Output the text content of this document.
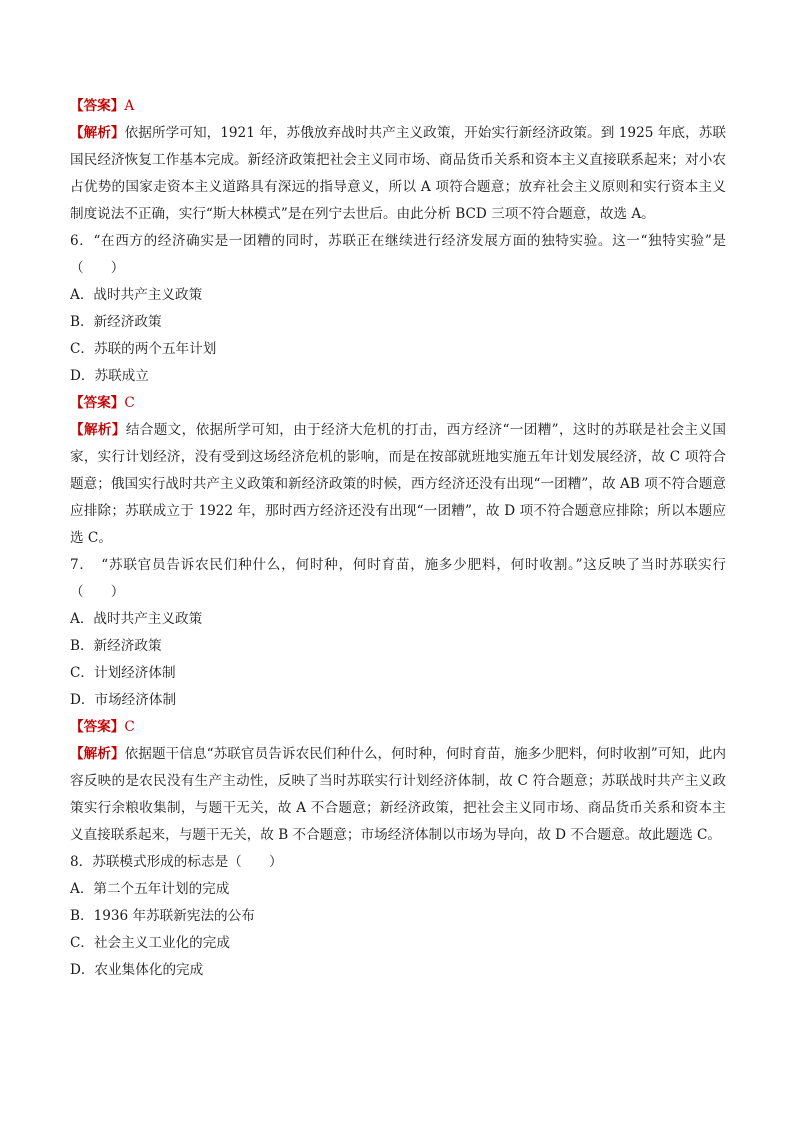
【答案】A
【解析】依据所学可知，1921 年，苏俄放弃战时共产主义政策，开始实行新经济政策。到 1925 年底，苏联国民经济恢复工作基本完成。新经济政策把社会主义同市场、商品货币关系和资本主义直接联系起来；对小农占优势的国家走资本主义道路具有深远的指导意义，所以 A 项符合题意；放弃社会主义原则和实行资本主义制度说法不正确，实行“斯大林模式”是在列宁去世后。由此分析 BCD 三项不符合题意，故选 A。
6．“在西方的经济确实是一团糟的同时，苏联正在继续进行经济发展方面的独特实验。这一“独特实验”是（　　）
A．战时共产主义政策
B．新经济政策
C．苏联的两个五年计划
D．苏联成立
【答案】C
【解析】结合题文，依据所学可知，由于经济大危机的打击，西方经济“一团糟”，这时的苏联是社会主义国家，实行计划经济，没有受到这场经济危机的影响，而是在按部就班地实施五年计划发展经济，故 C 项符合题意；俄国实行战时共产主义政策和新经济政策的时候，西方经济还没有出现“一团糟”，故 AB 项不符合题意应排除；苏联成立于 1922 年，那时西方经济还没有出现“一团糟”，故 D 项不符合题意应排除；所以本题应选 C。
7．　“苏联官员告诉农民们种什么，何时种，何时育苗，施多少肥料，何时收割。”这反映了当时苏联实行（　　）
A．战时共产主义政策
B．新经济政策
C．计划经济体制
D．市场经济体制
【答案】C
【解析】依据题干信息“苏联官员告诉农民们种什么，何时种，何时育苗，施多少肥料，何时收割”可知，此内容反映的是农民没有生产主动性，反映了当时苏联实行计划经济体制，故 C 符合题意；苏联战时共产主义政策实行余粮收集制，与题干无关，故 A 不合题意；新经济政策，把社会主义同市场、商品货币关系和资本主义直接联系起来，与题干无关，故 B 不合题意；市场经济体制以市场为导向，故 D 不合题意。故此题选 C。
8．苏联模式形成的标志是（　　）
A．第二个五年计划的完成
B．1936 年苏联新宪法的公布
C．社会主义工业化的完成
D．农业集体化的完成
